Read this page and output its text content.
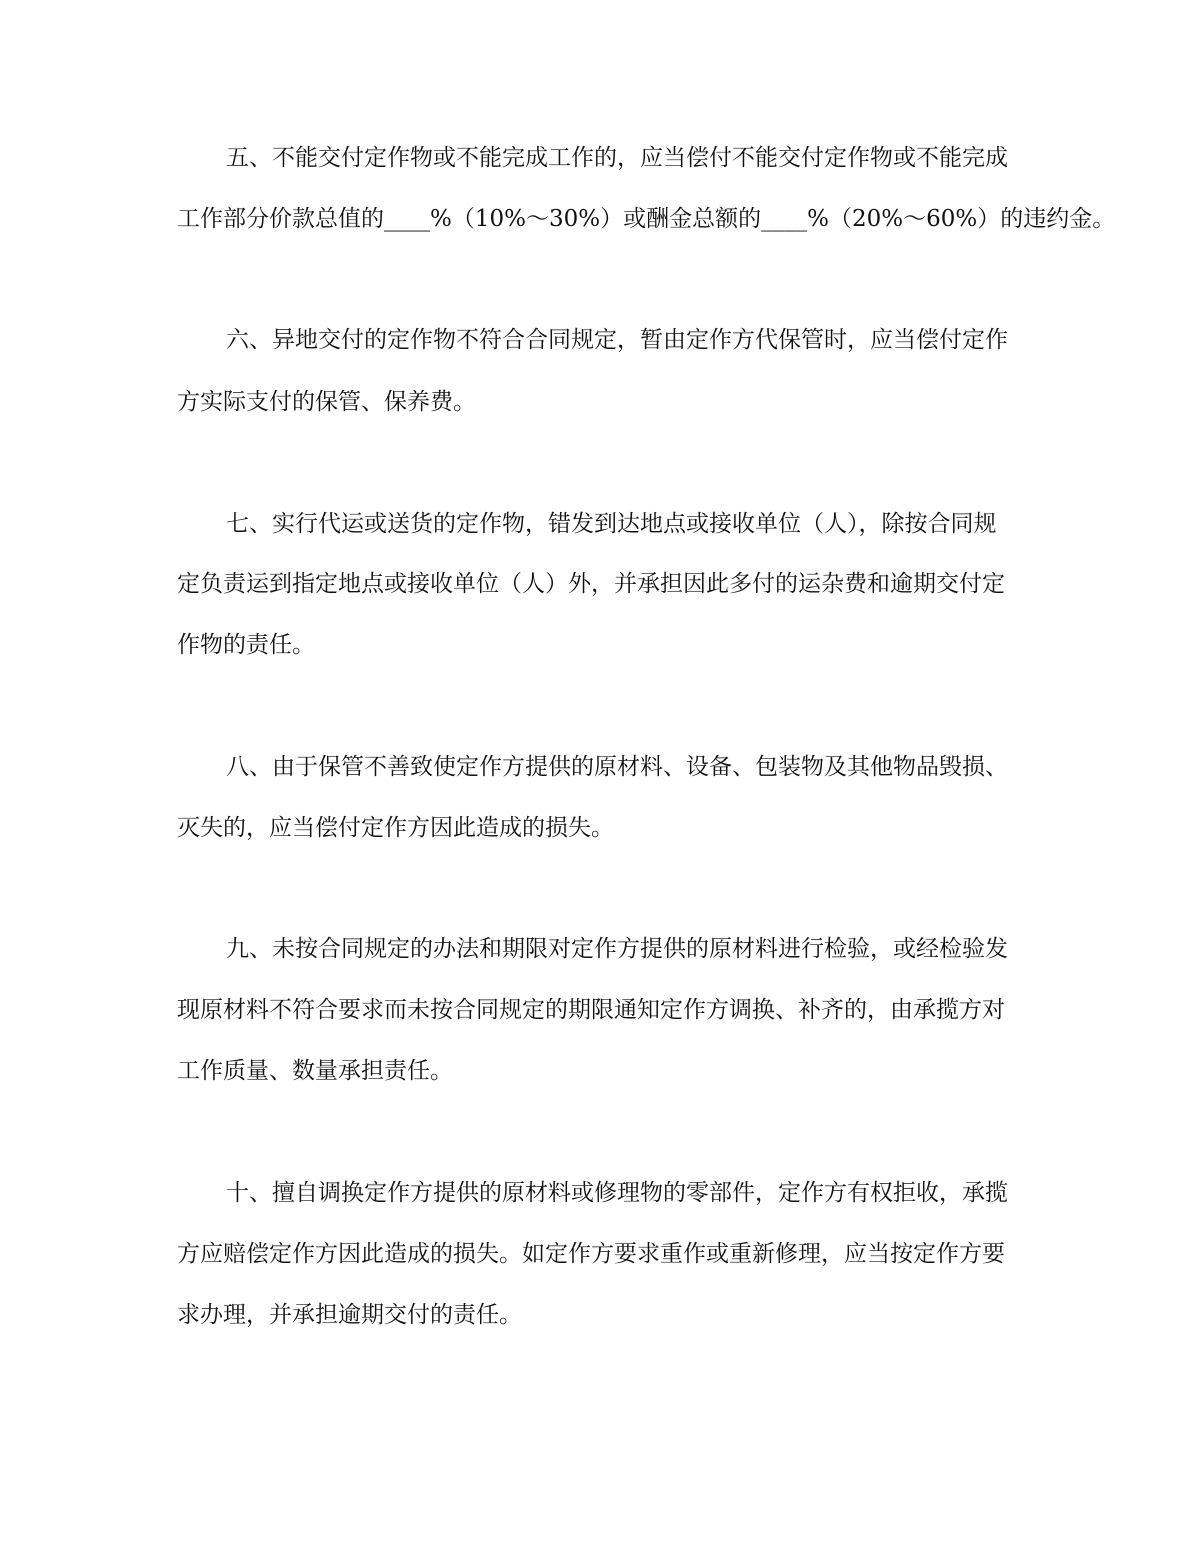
五、不能交付定作物或不能完成工作的，应当偿付不能交付定作物或不能完成
工作部分价款总值的____%（10%～30%）或酬金总额的____%（20%～60%）的违约金。
六、异地交付的定作物不符合合同规定，暂由定作方代保管时，应当偿付定作
方实际支付的保管、保养费。
七、实行代运或送货的定作物，错发到达地点或接收单位（人），除按合同规
定负责运到指定地点或接收单位（人）外，并承担因此多付的运杂费和逾期交付定
作物的责任。
八、由于保管不善致使定作方提供的原材料、设备、包装物及其他物品毁损、
灭失的，应当偿付定作方因此造成的损失。
九、未按合同规定的办法和期限对定作方提供的原材料进行检验，或经检验发
现原材料不符合要求而未按合同规定的期限通知定作方调换、补齐的，由承揽方对
工作质量、数量承担责任。
十、擅自调换定作方提供的原材料或修理物的零部件，定作方有权拒收，承揽
方应赔偿定作方因此造成的损失。如定作方要求重作或重新修理，应当按定作方要
求办理，并承担逾期交付的责任。
